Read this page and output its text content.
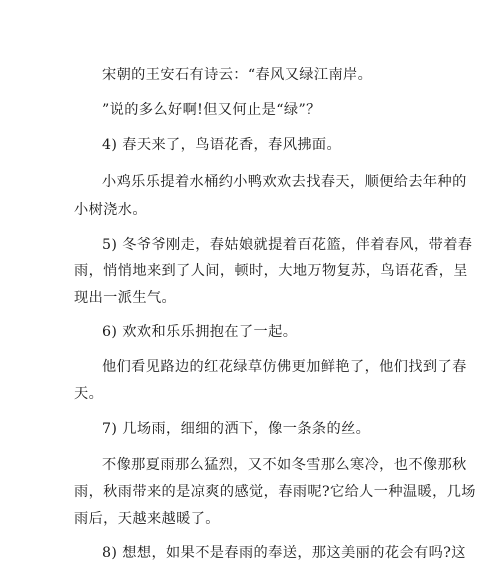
宋朝的王安石有诗云：“春风又绿江南岸。
”说的多么好啊!但又何止是“绿”？
4) 春天来了，鸟语花香，春风拂面。
小鸡乐乐提着水桶约小鸭欢欢去找春天，顺便给去年种的
小树浇水。
5) 冬爷爷刚走，春姑娘就提着百花篮，伴着春风，带着春
雨，悄悄地来到了人间，顿时，大地万物复苏，鸟语花香，呈
现出一派生气。
6) 欢欢和乐乐拥抱在了一起。
他们看见路边的红花绿草仿佛更加鲜艳了，他们找到了春
天。
7) 几场雨，细细的洒下，像一条条的丝。
不像那夏雨那么猛烈，又不如冬雪那么寒冷，也不像那秋
雨，秋雨带来的是凉爽的感觉，春雨呢?它给人一种温暖，几场
雨后，天越来越暖了。
8) 想想，如果不是春雨的奉送，那这美丽的花会有吗?这
